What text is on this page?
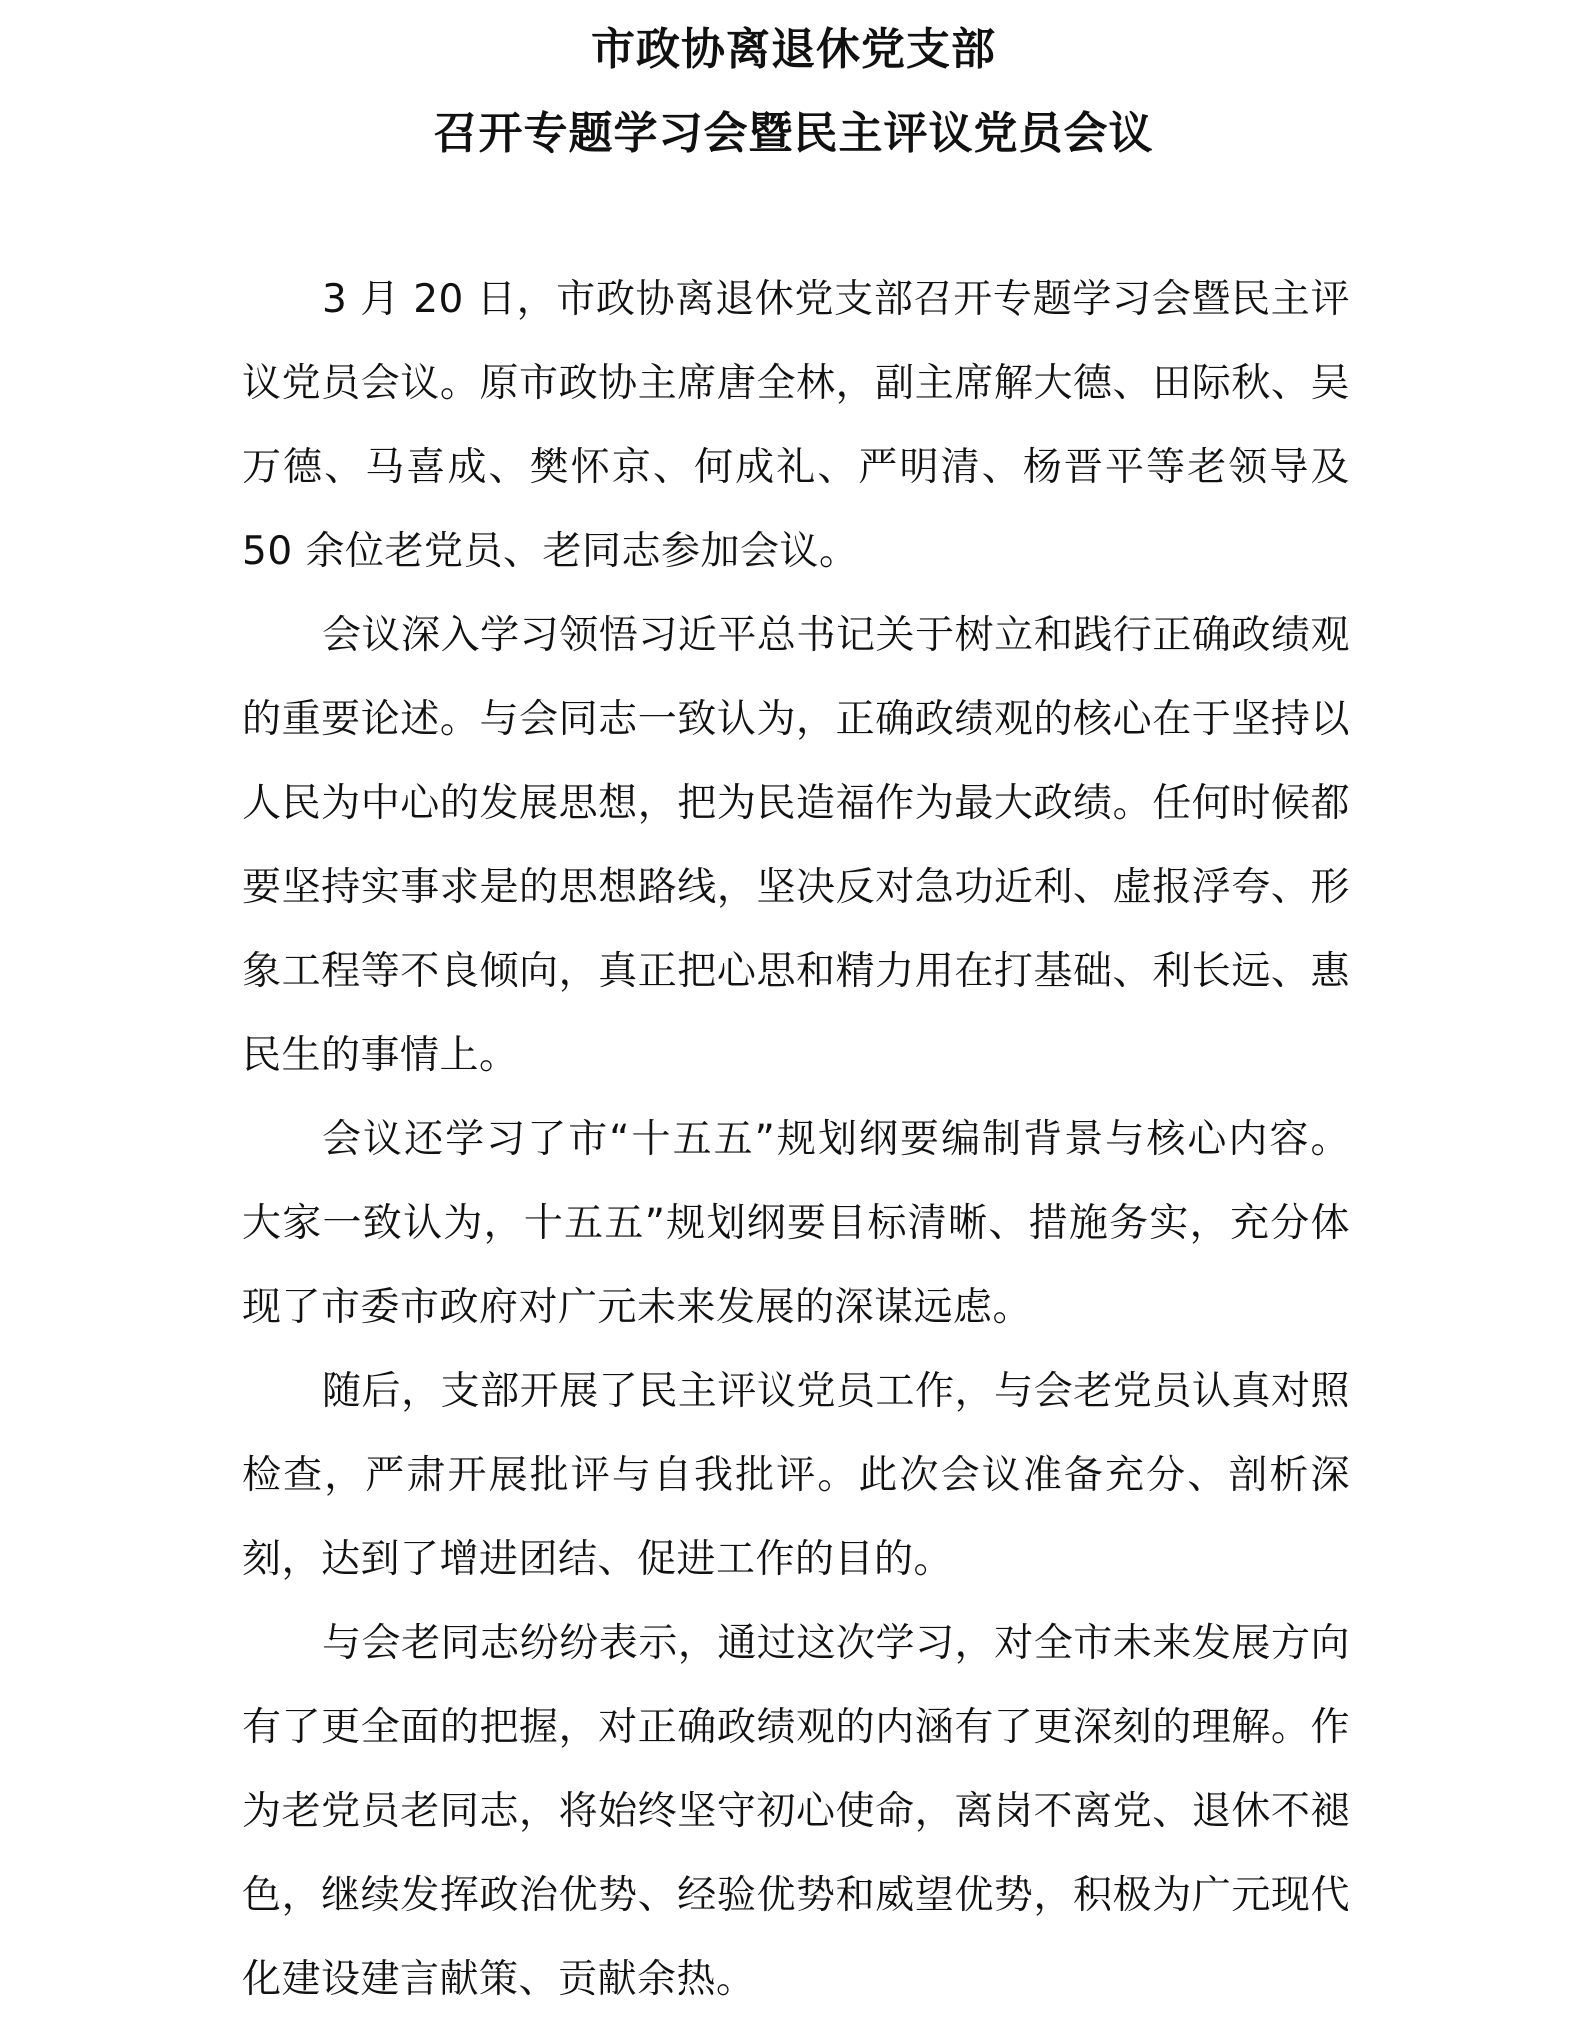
市政协离退休党支部
召开专题学习会暨民主评议党员会议

3 月 20 日，市政协离退休党支部召开专题学习会暨民主评议党员会议。原市政协主席唐全林，副主席解大德、田际秋、吴万德、马喜成、樊怀京、何成礼、严明清、杨晋平等老领导及 50 余位老党员、老同志参加会议。

会议深入学习领悟习近平总书记关于树立和践行正确政绩观的重要论述。与会同志一致认为，正确政绩观的核心在于坚持以人民为中心的发展思想，把为民造福作为最大政绩。任何时候都要坚持实事求是的思想路线，坚决反对急功近利、虚报浮夸、形象工程等不良倾向，真正把心思和精力用在打基础、利长远、惠民生的事情上。

会议还学习了市“十五五”规划纲要编制背景与核心内容。大家一致认为，十五五”规划纲要目标清晰、措施务实，充分体现了市委市政府对广元未来发展的深谋远虑。

随后，支部开展了民主评议党员工作，与会老党员认真对照检查，严肃开展批评与自我批评。此次会议准备充分、剖析深刻，达到了增进团结、促进工作的目的。

与会老同志纷纷表示，通过这次学习，对全市未来发展方向有了更全面的把握，对正确政绩观的内涵有了更深刻的理解。作为老党员老同志，将始终坚守初心使命，离岗不离党、退休不褪色，继续发挥政治优势、经验优势和威望优势，积极为广元现代化建设建言献策、贡献余热。
